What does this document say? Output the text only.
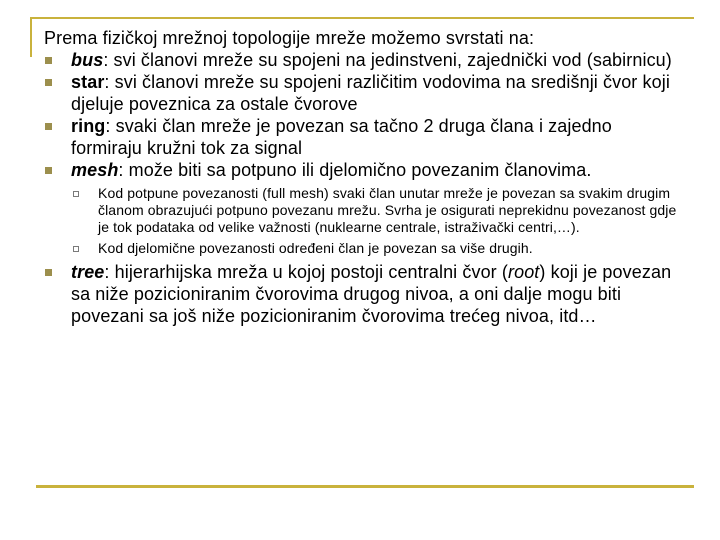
Prema fizičkoj mrežnoj topologije mreže možemo svrstati na:
bus: svi članovi mreže su spojeni na jedinstveni, zajednički vod (sabirnicu)
star: svi članovi mreže su spojeni različitim vodovima na središnji čvor koji djeluje poveznica za ostale čvorove
ring: svaki član mreže je povezan sa tačno 2 druga člana i zajedno formiraju kružni tok za signal
mesh: može biti sa potpuno ili djelomično povezanim članovima.
Kod potpune povezanosti (full mesh) svaki član unutar mreže je povezan sa svakim drugim članom obrazujući potpuno povezanu mrežu. Svrha je osigurati neprekidnu povezanost gdje je tok podataka od velike važnosti (nuklearne centrale, istraživački centri,…).
Kod djelomične povezanosti određeni član je povezan sa više drugih.
tree: hijerarhijska mreža u kojoj postoji centralni čvor (root) koji je povezan sa niže pozicioniranim čvorovima drugog nivoa, a oni dalje mogu biti povezani sa još niže pozicioniranim čvorovima trećeg nivoa, itd…
